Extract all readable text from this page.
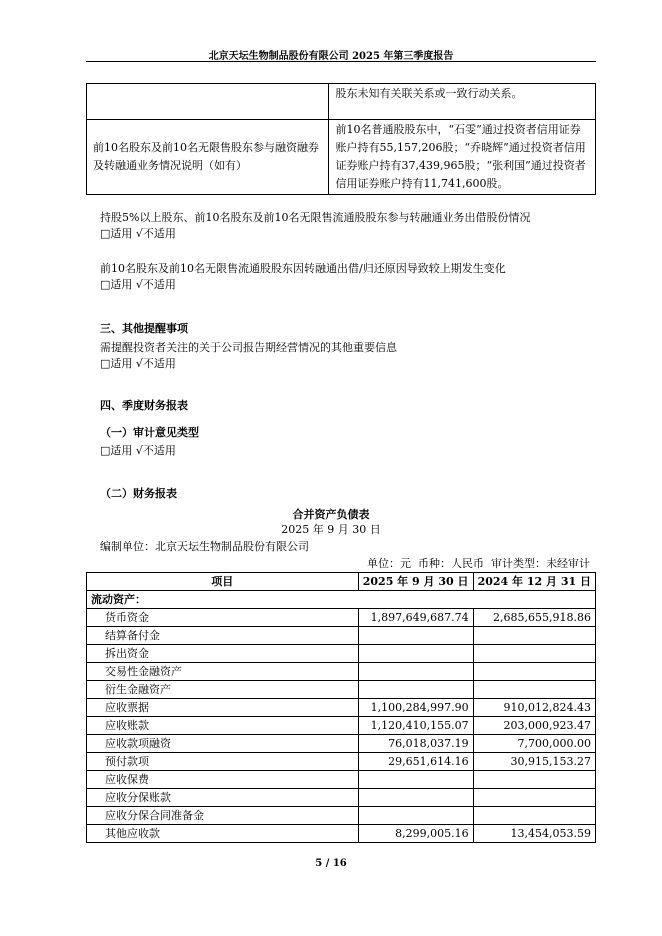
北京天坛生物制品股份有限公司 2025 年第三季度报告
	股东未知有关联关系或一致行动关系。
前10名股东及前10名无限售股东参与融资融券及转融通业务情况说明（如有）	前10名普通股股东中，“石雯”通过投资者信用证券账户持有55,157,206股；“乔晓辉”通过投资者信用证券账户持有37,439,965股；“张利国”通过投资者信用证券账户持有11,741,600股。
持股5%以上股东、前10名股东及前10名无限售流通股股东参与转融通业务出借股份情况
□适用 √不适用
前10名股东及前10名无限售流通股股东因转融通出借/归还原因导致较上期发生变化
□适用 √不适用
三、其他提醒事项
需提醒投资者关注的关于公司报告期经营情况的其他重要信息
□适用 √不适用
四、季度财务报表
（一）审计意见类型
□适用 √不适用
（二）财务报表
合并资产负债表
2025 年 9 月 30 日
编制单位：北京天坛生物制品股份有限公司
单位：元  币种：人民币  审计类型：未经审计
项目	2025 年 9 月 30 日	2024 年 12 月 31 日
流动资产：		
货币资金	1,897,649,687.74	2,685,655,918.86
结算备付金		
拆出资金		
交易性金融资产		
衍生金融资产		
应收票据	1,100,284,997.90	910,012,824.43
应收账款	1,120,410,155.07	203,000,923.47
应收款项融资	76,018,037.19	7,700,000.00
预付款项	29,651,614.16	30,915,153.27
应收保费		
应收分保账款		
应收分保合同准备金		
其他应收款	8,299,005.16	13,454,053.59
5 / 16
